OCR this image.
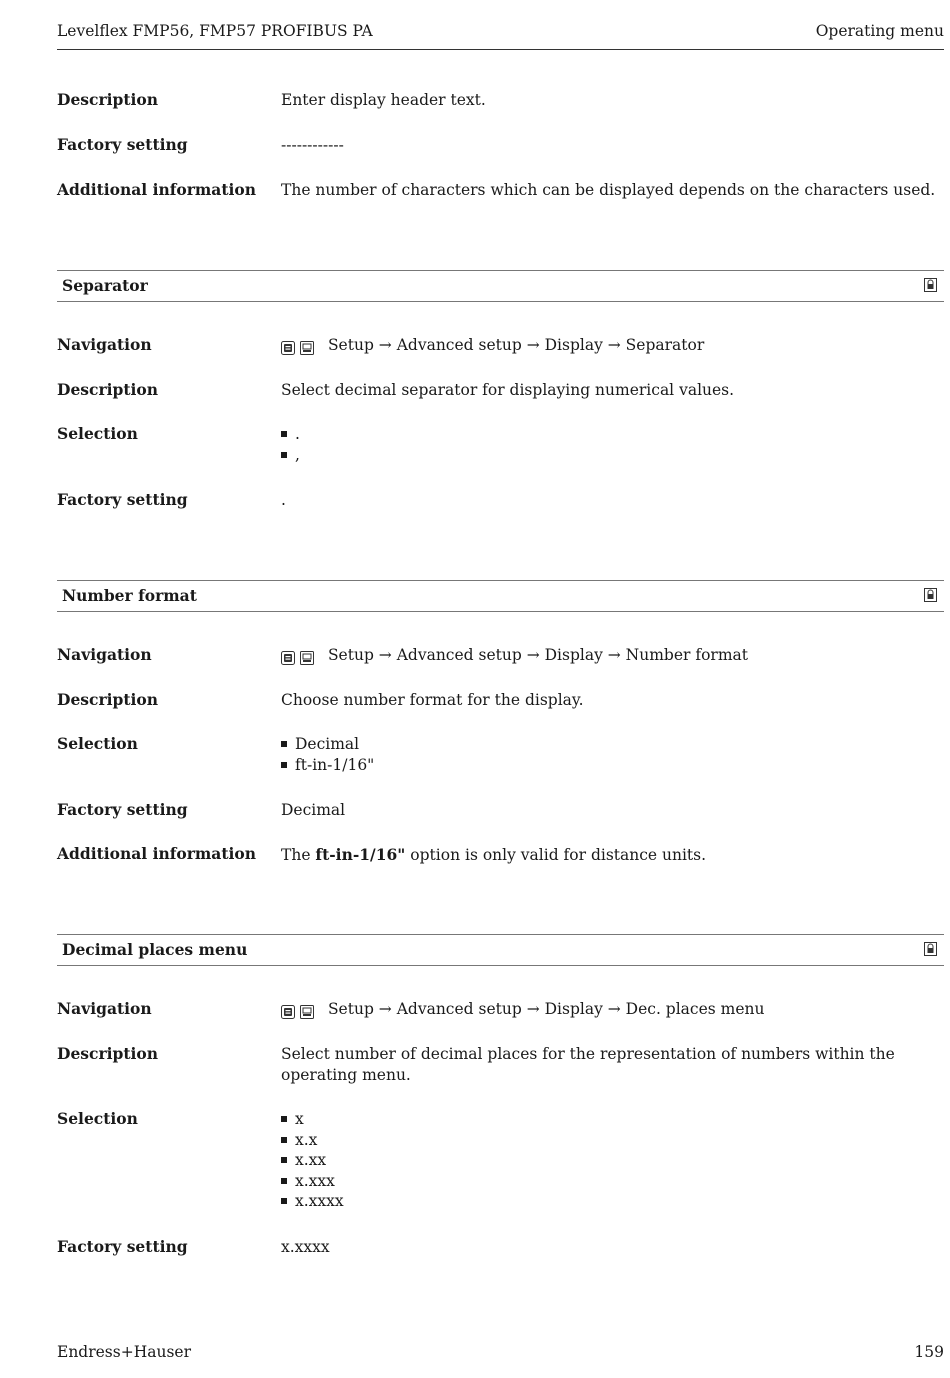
Levelflex FMP56, FMP57 PROFIBUS PA	Operating menu
Description	Enter display header text.
Factory setting	------------
Additional information The number of characters which can be displayed depends on the characters used.
Separator
Navigation	Setup → Advanced setup → Display → Separator
Description	Select decimal separator for displaying numerical values.
Selection	.
,
Factory setting	.
Number format
Navigation	Setup → Advanced setup → Display → Number format
Description	Choose number format for the display.
Selection	Decimal
ft-in-1/16"
Factory setting	Decimal
Additional information The ft-in-1/16" option is only valid for distance units.
Decimal places menu
Navigation	Setup → Advanced setup → Display → Dec. places menu
Description	Select number of decimal places for the representation of numbers within the operating menu.
Selection	x
x.x
x.xx
x.xxx
x.xxxx
Factory setting	x.xxxx
Endress+Hauser	159
